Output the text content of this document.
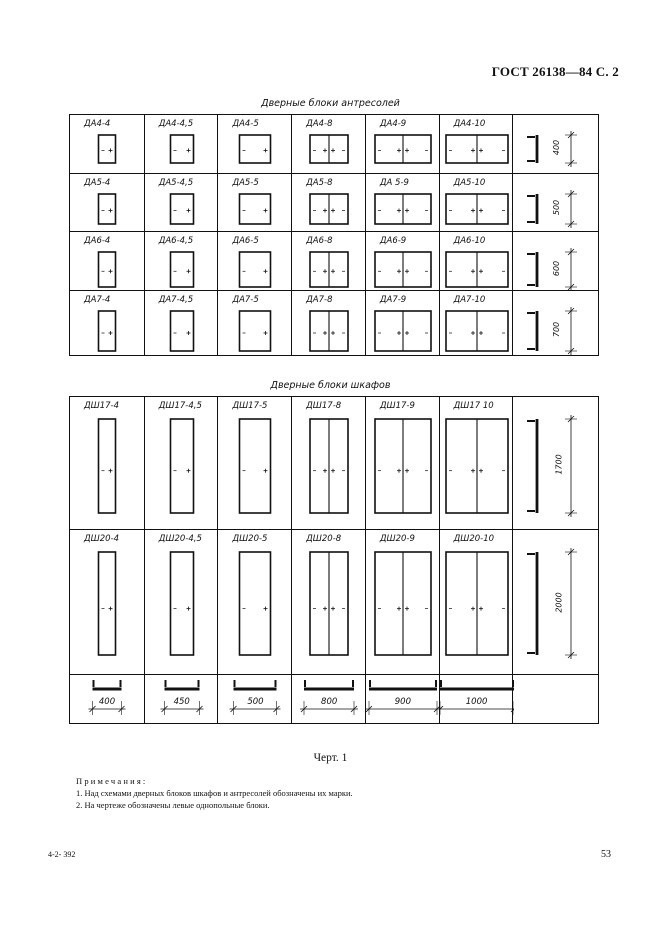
ГОСТ 26138—84 С. 2
Дверные блоки антресолей
ДА4-4	ДА4-4,5	ДА4-5	ДА4-8	ДА4-9	ДА4-10
400
ДА5-4	ДА5-4,5	ДА5-5	ДА5-8	ДА 5-9	ДА5-10
500
ДА6-4	ДА6-4,5	ДА6-5	ДА6-8	ДА6-9	ДА6-10
600
ДА7-4	ДА7-4,5	ДА7-5	ДА7-8	ДА7-9	ДА7-10
700
Дверные блоки шкафов
ДШ17-4	ДШ17-4,5	ДШ17-5	ДШ17-8	ДШ17-9	ДШ17 10
1700
ДШ20-4	ДШ20-4,5	ДШ20-5	ДШ20-8	ДШ20-9	ДШ20-10
2000
400	450	500	800	900	1000
Черт. 1
Примечания:
1. Над схемами дверных блоков шкафов и антресолей обозначены их марки.
2. На чертеже обозначены левые однопольные блоки.
4-2- 392	53
